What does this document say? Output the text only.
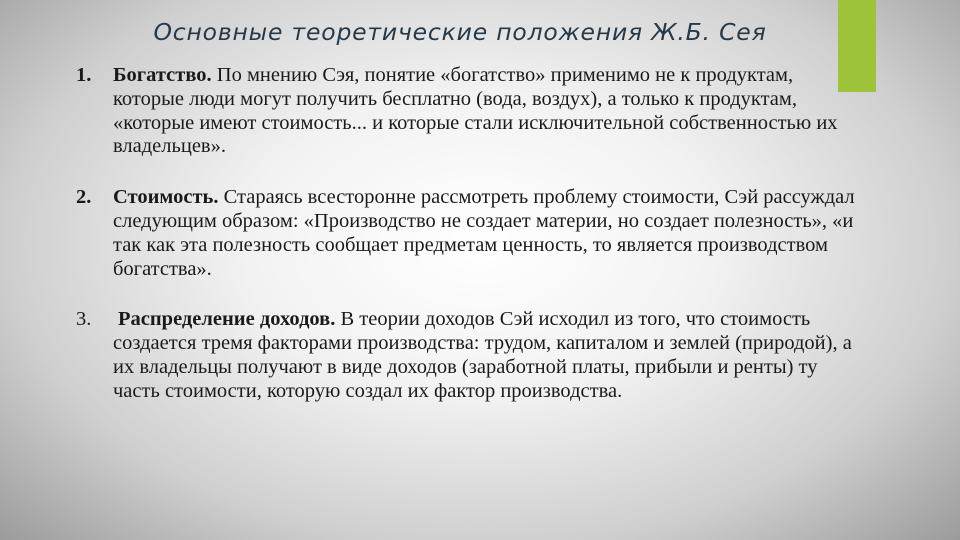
Основные теоретические положения Ж.Б. Сея
1. Богатство. По мнению Сэя, понятие «богатство» применимо не к продуктам, которые люди могут получить бесплатно (вода, воздух), а только к продуктам, «которые имеют стоимость... и которые стали исключительной собственностью их владельцев».
2. Стоимость. Стараясь всесторонне рассмотреть проблему стоимости, Сэй рассуждал следующим образом: «Производство не создает материи, но создает полезность», «и так как эта полезность сообщает предметам ценность, то является производством богатства».
3. Распределение доходов. В теории доходов Сэй исходил из того, что стоимость создается тремя факторами производства: трудом, капиталом и землей (природой), а их владельцы получают в виде доходов (заработной платы, прибыли и ренты) ту часть стоимости, которую создал их фактор производства.
